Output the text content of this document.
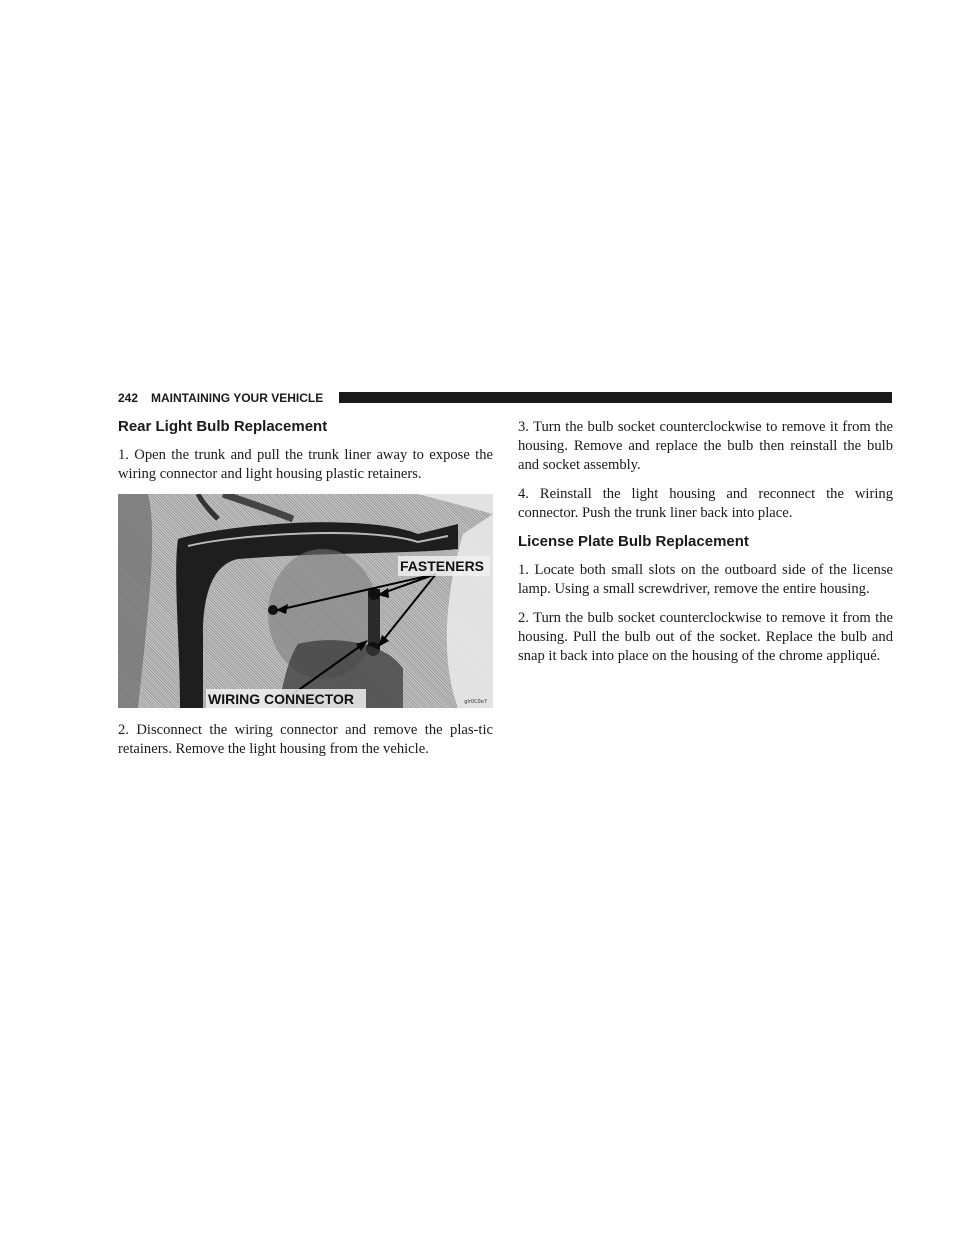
242 MAINTAINING YOUR VEHICLE
Rear Light Bulb Replacement

1. Open the trunk and pull the trunk liner away to expose the wiring connector and light housing plastic retainers.

FASTENERS
WIRING CONNECTOR	glr0C0e7

2. Disconnect the wiring connector and remove the plas-tic retainers. Remove the light housing from the vehicle.

3. Turn the bulb socket counterclockwise to remove it from the housing. Remove and replace the bulb then reinstall the bulb and socket assembly.

4. Reinstall the light housing and reconnect the wiring connector. Push the trunk liner back into place.

License Plate Bulb Replacement

1. Locate both small slots on the outboard side of the license lamp. Using a small screwdriver, remove the entire housing.

2. Turn the bulb socket counterclockwise to remove it from the housing. Pull the bulb out of the socket. Replace the bulb and snap it back into place on the housing of the chrome appliqué.
